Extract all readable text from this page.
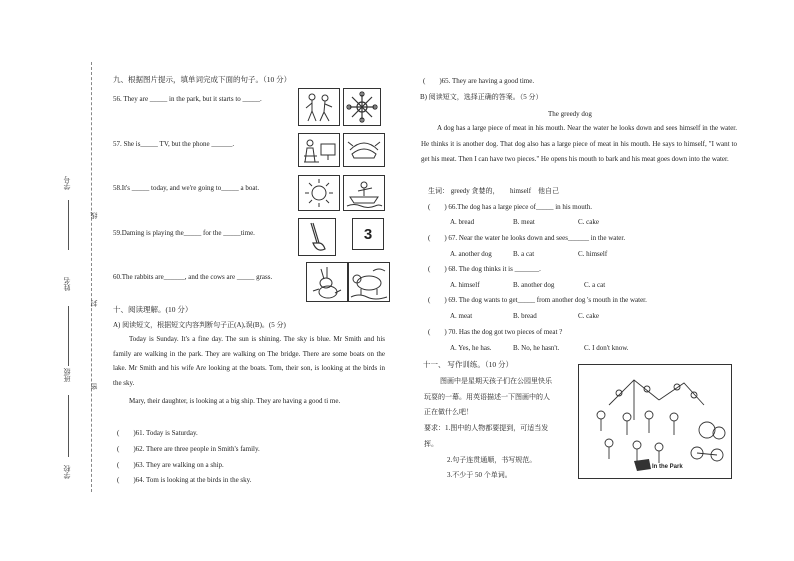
学号
线
姓名
封
班级
密
学校
九、根据图片提示，填单词完成下面的句子。（10 分）
56. They are _____ in the park, but it starts to _____.
57. She is_____ TV, but the phone ______.
58.It's _____ today, and we're going to_____ a boat.
59.Daming is playing the_____ for the _____time.	3
60.The rabbits are______, and the cows are _____ grass.
十、阅读理解。(10 分）
A) 阅读短文，根据短文内容判断句子正(A),误(B)。(5 分)
Today is Sunday. It's a fine day. The sun is shining. The sky is blue. Mr Smith and his family are walking in the park. They are walking on The bridge. There are some boats on the lake. Mr Smith and his wife Are looking at the boats. Tom, their son, is looking at the birds in the sky.
Mary, their daughter, is looking at a big ship. They are having a good ti me.
(　　)61. Today is Saturday.
(　　)62. There are three people in Smith's family.
(　　)63. They are walking on a ship.
(　　)64. Tom is looking at the birds in the sky.
(　　)65. They are having a good time.
B) 阅读短文，选择正确的答案。（5 分）
The greedy dog
A dog has a large piece of meat in his mouth. Near the water he looks down and sees himself in the water. He thinks it is another dog. That dog also has a large piece of meat in his mouth. He says to himself, "I want to get his meat. Then I can have two pieces." He opens his mouth to bark and his meat goes down into the water.
生词： greedy 贪婪的，　　himself　他自己
(　　) 66.The dog has a large piece of_____ in his mouth.
A. bread	B. meat	C. cake
(　　) 67. Near the water he looks down and sees______ in the water.
A. another dog	B. a cat	C. himself
(　　) 68. The dog thinks it is _______.
A. himself	B. another dog	C. a cat
(　　) 69. The dog wants to get_____ from another dog 's mouth in the water.
A. meat	B. bread	C. cake
(　　) 70. Has the dog got two pieces of meat ?
A. Yes, he has.	B. No, he hasn't.	C. I don't know.
十一、 写作训练。（10 分）
图画中是星期天孩子们在公园里快乐
玩耍的一幕。用英语描述一下图画中的人
正在做什么吧！
要求：1.图中的人物都要提到，可适当发
挥。
2.句子连贯通顺，书写规范。
3.不少于 50 个单词。
In the Park
